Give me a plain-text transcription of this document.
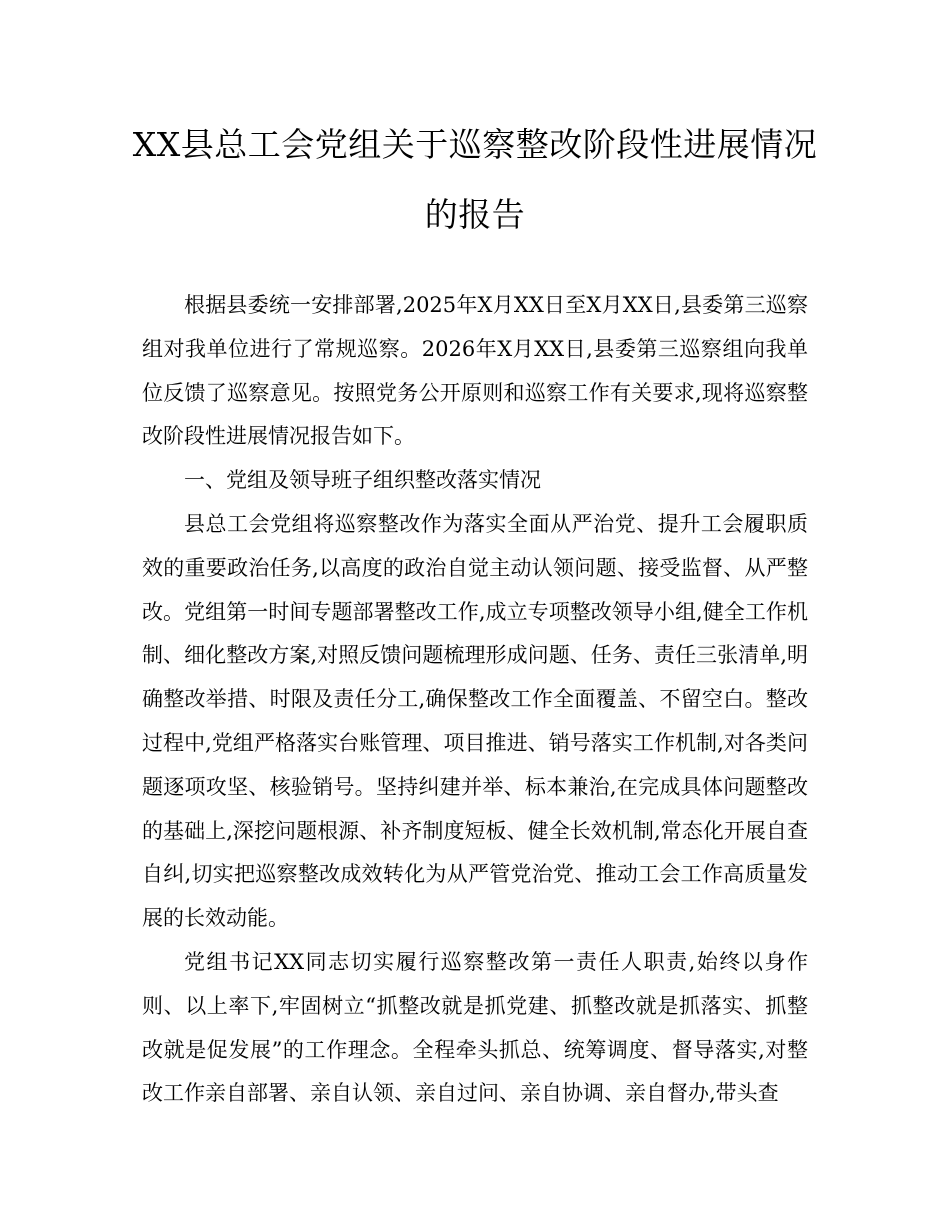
XX县总工会党组关于巡察整改阶段性进展情况的报告

根据县委统一安排部署,2025年X月XX日至X月XX日,县委第三巡察组对我单位进行了常规巡察。2026年X月XX日,县委第三巡察组向我单位反馈了巡察意见。按照党务公开原则和巡察工作有关要求,现将巡察整改阶段性进展情况报告如下。

一、党组及领导班子组织整改落实情况

县总工会党组将巡察整改作为落实全面从严治党、提升工会履职质效的重要政治任务,以高度的政治自觉主动认领问题、接受监督、从严整改。党组第一时间专题部署整改工作,成立专项整改领导小组,健全工作机制、细化整改方案,对照反馈问题梳理形成问题、任务、责任三张清单,明确整改举措、时限及责任分工,确保整改工作全面覆盖、不留空白。整改过程中,党组严格落实台账管理、项目推进、销号落实工作机制,对各类问题逐项攻坚、核验销号。坚持纠建并举、标本兼治,在完成具体问题整改的基础上,深挖问题根源、补齐制度短板、健全长效机制,常态化开展自查自纠,切实把巡察整改成效转化为从严管党治党、推动工会工作高质量发展的长效动能。

党组书记XX同志切实履行巡察整改第一责任人职责,始终以身作则、以上率下,牢固树立“抓整改就是抓党建、抓整改就是抓落实、抓整改就是促发展”的工作理念。全程牵头抓总、统筹调度、督导落实,对整改工作亲自部署、亲自认领、亲自过问、亲自协调、亲自督办,带头查
